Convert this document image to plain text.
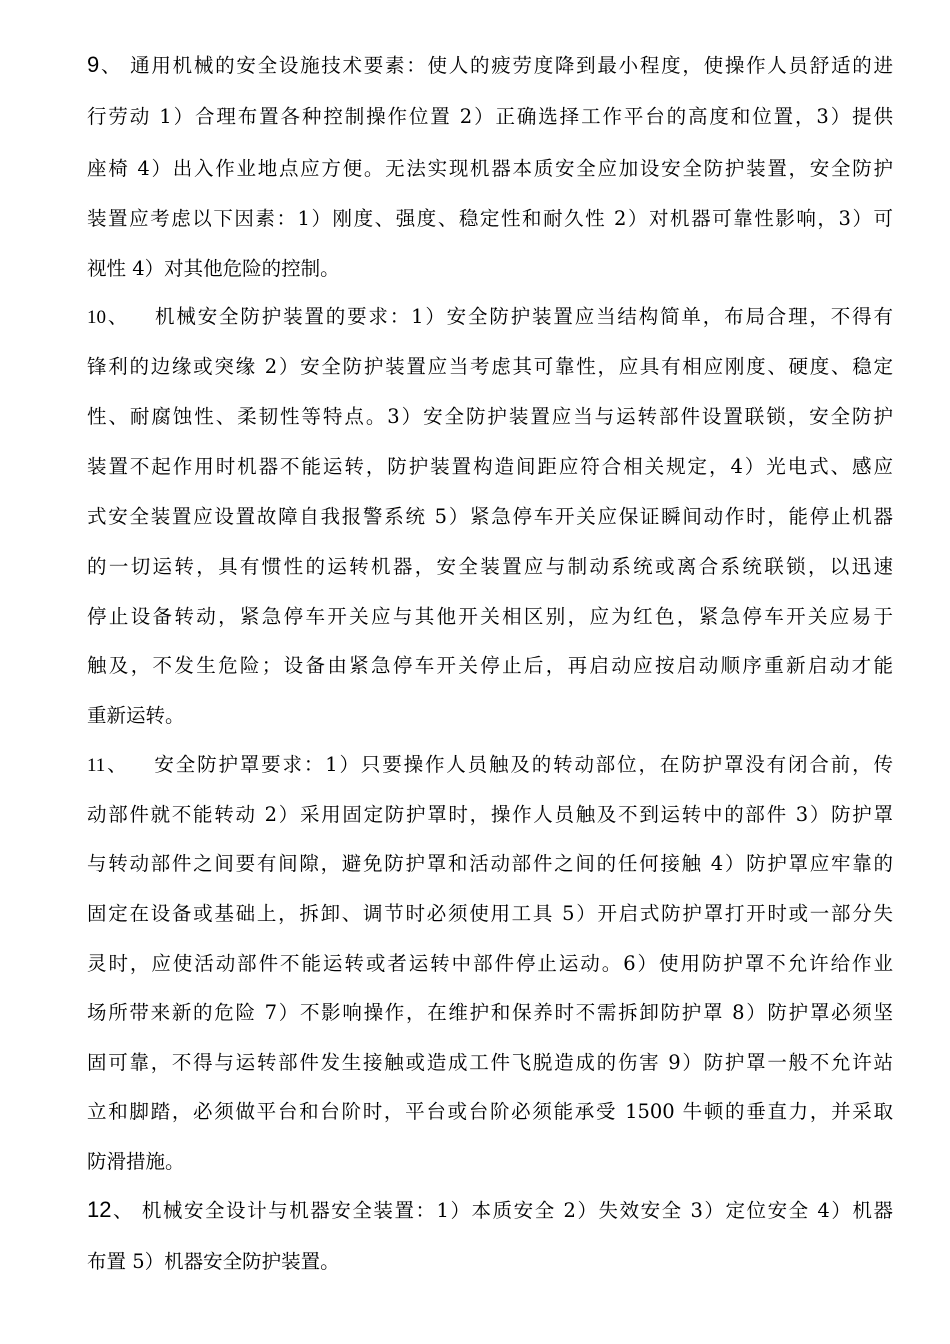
9、 通用机械的安全设施技术要素：使人的疲劳度降到最小程度，使操作人员舒适的进
行劳动 1）合理布置各种控制操作位置 2）正确选择工作平台的高度和位置，3）提供
座椅 4）出入作业地点应方便。无法实现机器本质安全应加设安全防护装置，安全防护
装置应考虑以下因素：1）刚度、强度、稳定性和耐久性 2）对机器可靠性影响，3）可
视性 4）对其他危险的控制。
10、 机械安全防护装置的要求：1）安全防护装置应当结构简单，布局合理，不得有
锋利的边缘或突缘 2）安全防护装置应当考虑其可靠性，应具有相应刚度、硬度、稳定
性、耐腐蚀性、柔韧性等特点。3）安全防护装置应当与运转部件设置联锁，安全防护
装置不起作用时机器不能运转，防护装置构造间距应符合相关规定，4）光电式、感应
式安全装置应设置故障自我报警系统 5）紧急停车开关应保证瞬间动作时，能停止机器
的一切运转，具有惯性的运转机器，安全装置应与制动系统或离合系统联锁，以迅速
停止设备转动，紧急停车开关应与其他开关相区别，应为红色，紧急停车开关应易于
触及，不发生危险；设备由紧急停车开关停止后，再启动应按启动顺序重新启动才能
重新运转。
11、 安全防护罩要求：1）只要操作人员触及的转动部位，在防护罩没有闭合前，传
动部件就不能转动 2）采用固定防护罩时，操作人员触及不到运转中的部件 3）防护罩
与转动部件之间要有间隙，避免防护罩和活动部件之间的任何接触 4）防护罩应牢靠的
固定在设备或基础上，拆卸、调节时必须使用工具 5）开启式防护罩打开时或一部分失
灵时，应使活动部件不能运转或者运转中部件停止运动。6）使用防护罩不允许给作业
场所带来新的危险 7）不影响操作，在维护和保养时不需拆卸防护罩 8）防护罩必须坚
固可靠，不得与运转部件发生接触或造成工件飞脱造成的伤害 9）防护罩一般不允许站
立和脚踏，必须做平台和台阶时，平台或台阶必须能承受 1500 牛顿的垂直力，并采取
防滑措施。
12、 机械安全设计与机器安全装置：1）本质安全 2）失效安全 3）定位安全 4）机器
布置 5）机器安全防护装置。
